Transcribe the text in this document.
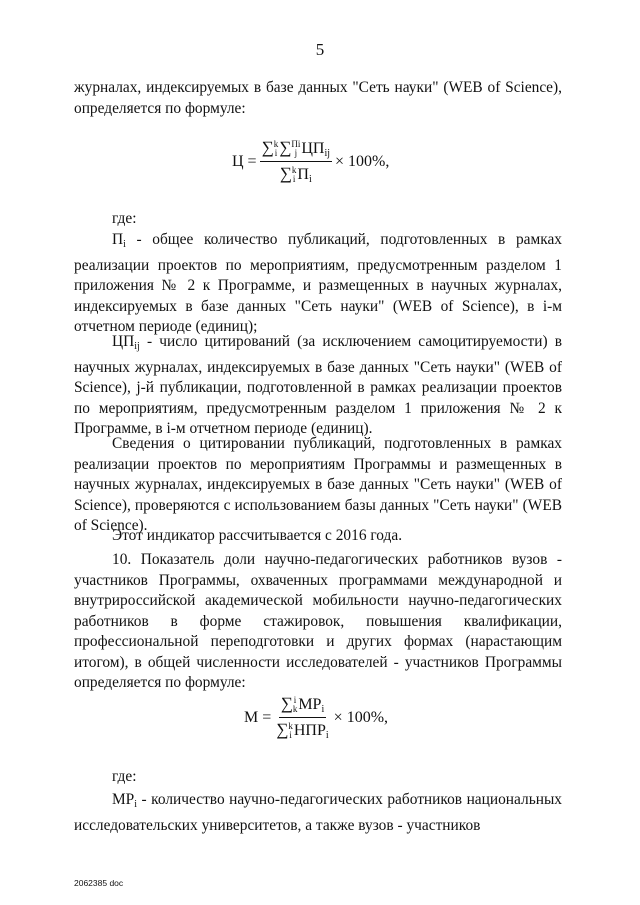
5

журналах, индексируемых в базе данных "Сеть науки" (WEB of Science), определяется по формуле:

Ц = ∑ k
i ∑ Пi
j $ЦП_{ij}$
∑ k
i $П_i \times 100\%$,
где:

$П_i$ - общее количество публикаций, подготовленных в рамках реализации проектов по мероприятиям, предусмотренным разделом 1 приложения № 2 к Программе, и размещенных в научных журналах, индексируемых в базе данных "Сеть науки" (WEB of Science), в i-м отчетном периоде (единиц);

$ЦП_{ij}$ - число цитирований (за исключением самоцитируемости) в научных журналах, индексируемых в базе данных "Сеть науки" (WEB of Science), j-й публикации, подготовленной в рамках реализации проектов по мероприятиям, предусмотренным разделом 1 приложения № 2 к Программе, в i-м отчетном периоде (единиц).

Сведения о цитировании публикаций, подготовленных в рамках реализации проектов по мероприятиям Программы и размещенных в научных журналах, индексируемых в базе данных "Сеть науки" (WEB of Science), проверяются с использованием базы данных "Сеть науки" (WEB of Science).

Этот индикатор рассчитывается с 2016 года.

10. Показатель доли научно-педагогических работников вузов - участников Программы, охваченных программами международной и внутрироссийской академической мобильности научно-педагогических работников в форме стажировок, повышения квалификации, профессиональной переподготовки и других формах (нарастающим итогом), в общей численности исследователей - участников Программы определяется по формуле:

М = ∑ i
k $МР_i$
∑ k
i $НПР_i \times 100\%$,
где:

$МР_i$ - количество научно-педагогических работников национальных исследовательских университетов, а также вузов - участников

2062385 doc
